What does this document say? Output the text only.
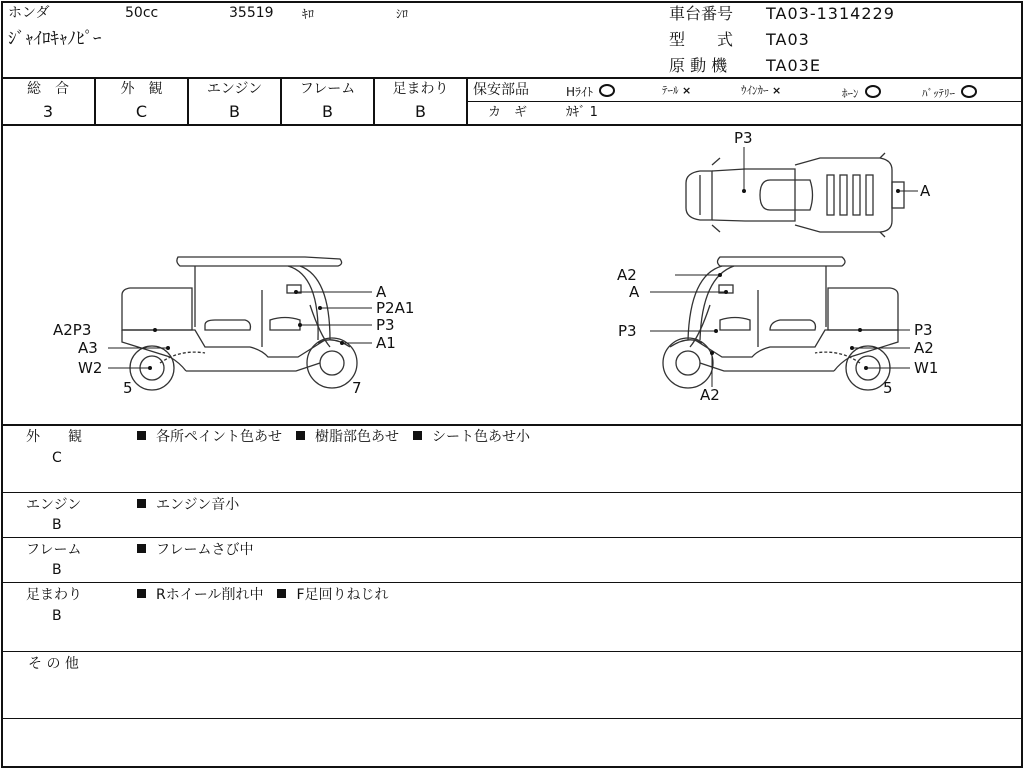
ホンダ	50cc	35519 ｷﾛ	ｼﾛ
ｼﾞｬｲﾛｷｬﾉﾋﾟｰ
車台番号 TA03-1314229
型　　式 TA03
原 動 機 TA03E
総　合	外　観	エンジン	フレーム	足まわり
3	C	B	B	B
保安部品	Hﾗｲﾄ	ﾃｰﾙ ×	ｳｲﾝｶｰ ×	ﾎｰﾝ	ﾊﾞｯﾃﾘｰ
カ　ギ	ｶｷﾞ 1
P3
A
A
P2A1
P3
A1
A2P3
A3
W2
5	7
A2
A
P3	P3
A2
W1
A2	5
外　　観
C
各所ペイント色あせ 樹脂部色あせ シート色あせ小
エンジン
B
エンジン音小
フレーム
B
フレームさび中
足まわり
B
Rホイール削れ中 F足回りねじれ
そ の 他
